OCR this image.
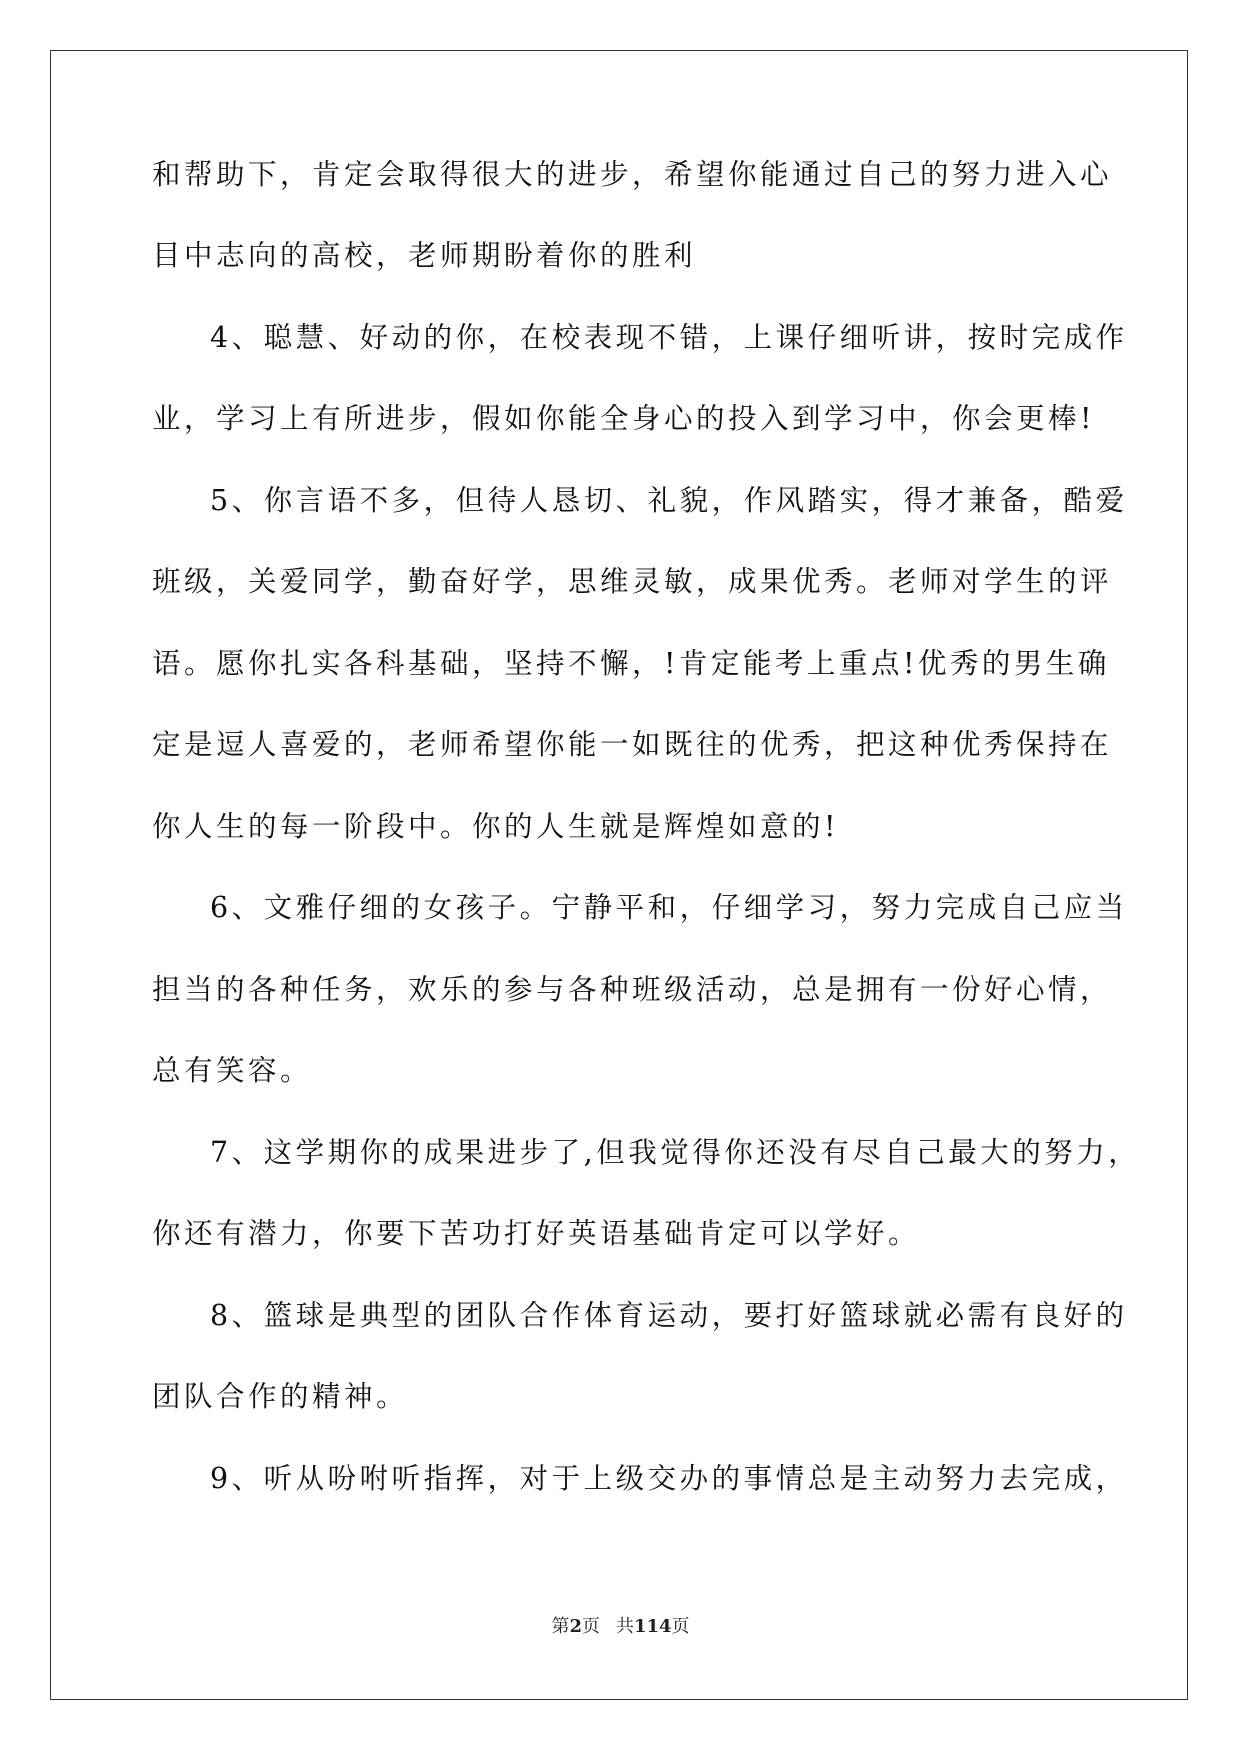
和帮助下，肯定会取得很大的进步，希望你能通过自己的努力进入心
目中志向的高校，老师期盼着你的胜利
4、聪慧、好动的你，在校表现不错，上课仔细听讲，按时完成作
业，学习上有所进步，假如你能全身心的投入到学习中，你会更棒!
5、你言语不多，但待人恳切、礼貌，作风踏实，得才兼备，酷爱
班级，关爱同学，勤奋好学，思维灵敏，成果优秀。老师对学生的评
语。愿你扎实各科基础，坚持不懈，!肯定能考上重点!优秀的男生确
定是逗人喜爱的，老师希望你能一如既往的优秀，把这种优秀保持在
你人生的每一阶段中。你的人生就是辉煌如意的!
6、文雅仔细的女孩子。宁静平和，仔细学习，努力完成自己应当
担当的各种任务，欢乐的参与各种班级活动，总是拥有一份好心情，
总有笑容。
7、这学期你的成果进步了,但我觉得你还没有尽自己最大的努力，
你还有潜力，你要下苦功打好英语基础肯定可以学好。
8、篮球是典型的团队合作体育运动，要打好篮球就必需有良好的
团队合作的精神。
9、听从吩咐听指挥，对于上级交办的事情总是主动努力去完成，
第2页 共114页
